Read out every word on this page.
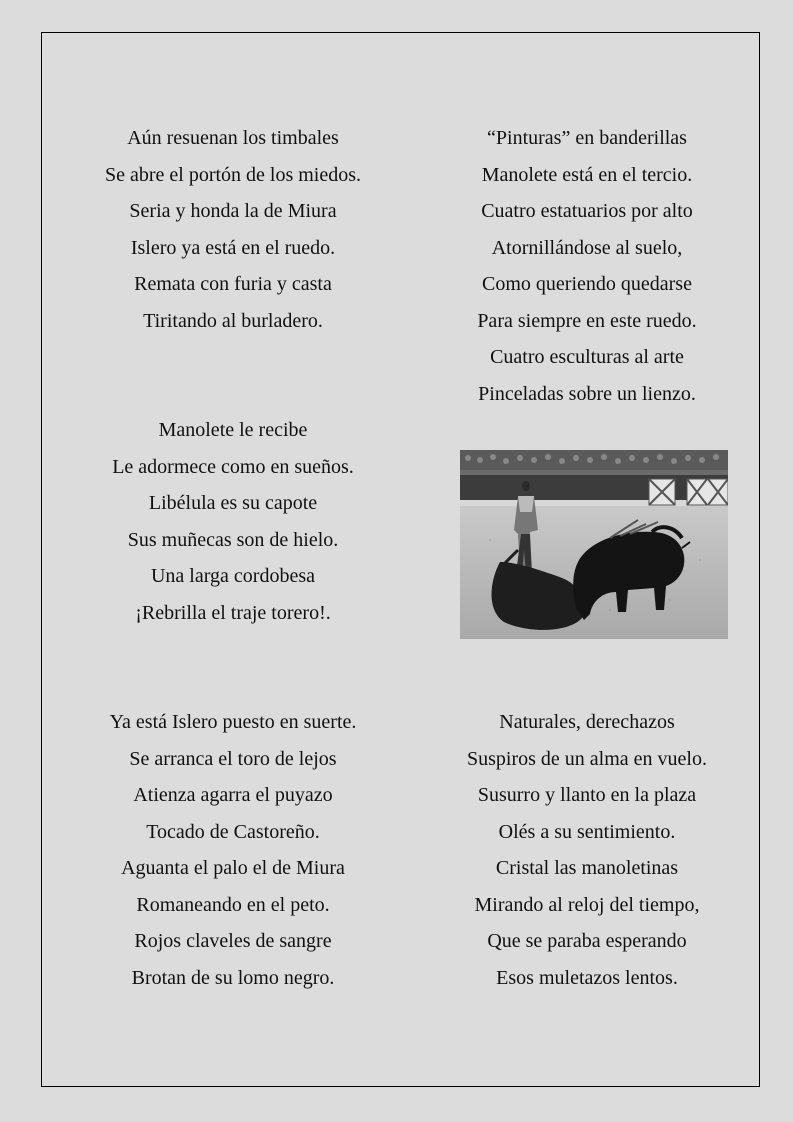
Aún resuenan los timbales
Se abre el portón de los miedos.
Seria y honda la de Miura
Islero ya está en el ruedo.
Remata con furia y casta
Tiritando al burladero.
“Pinturas” en banderillas
Manolete está en el tercio.
Cuatro estatuarios por alto
Atornillándose al suelo,
Como queriendo quedarse
Para siempre en este ruedo.
Cuatro esculturas al arte
Pinceladas sobre un lienzo.
Manolete le recibe
Le adormece como en sueños.
Libélula es su capote
Sus muñecas son de hielo.
Una larga cordobesa
¡Rebrilla el traje torero!.
Ya está Islero puesto en suerte.
Se arranca el toro de lejos
Atienza agarra el puyazo
Tocado de Castoreño.
Aguanta el palo el de Miura
Romaneando en el peto.
Rojos claveles de sangre
Brotan de su lomo negro.
Naturales, derechazos
Suspiros de un alma en vuelo.
Susurro y llanto en la plaza
Olés a su sentimiento.
Cristal las manoletinas
Mirando al reloj del tiempo,
Que se paraba esperando
Esos muletazos lentos.
